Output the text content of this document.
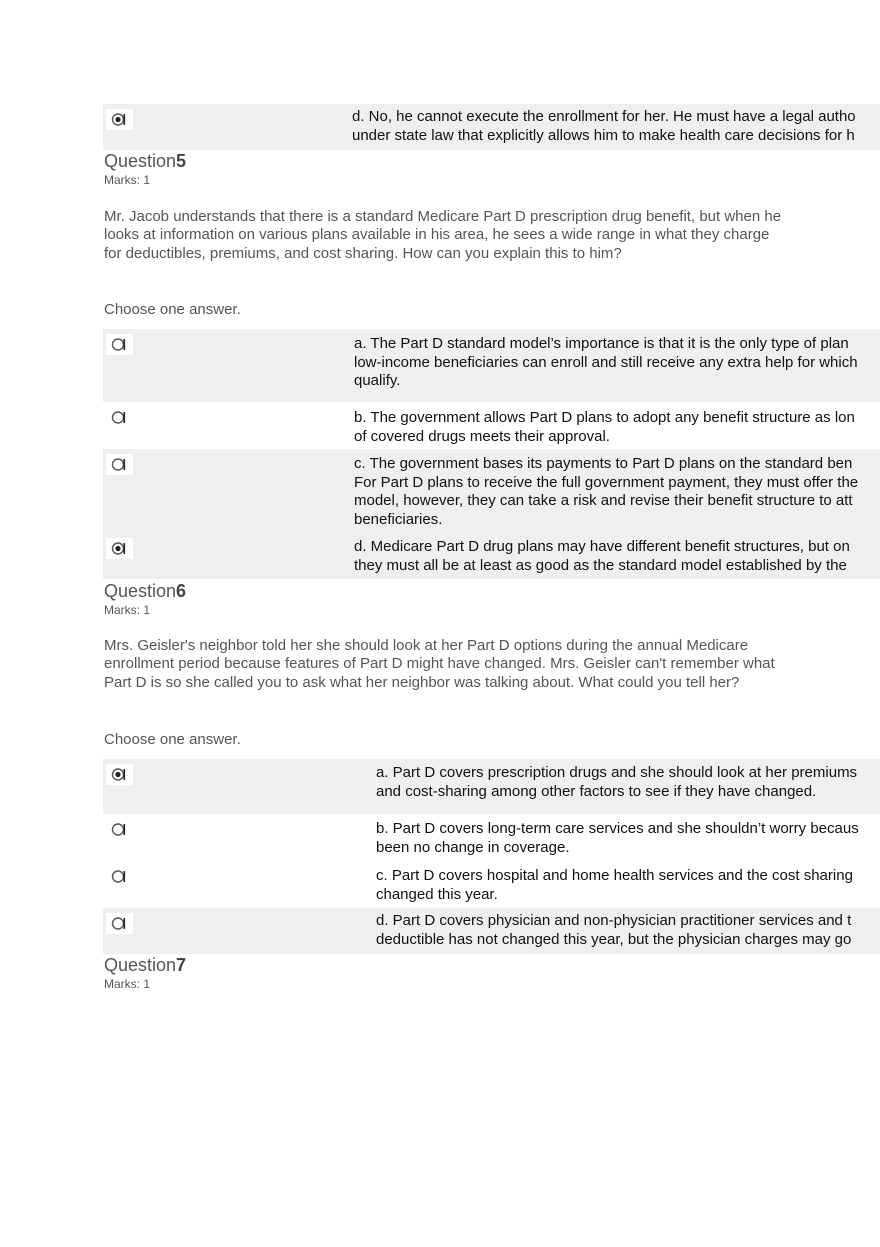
d. No, he cannot execute the enrollment for her. He must have a legal autho
under state law that explicitly allows him to make health care decisions for h
Question5
Marks: 1
Mr. Jacob understands that there is a standard Medicare Part D prescription drug benefit, but when he looks at information on various plans available in his area, he sees a wide range in what they charge for deductibles, premiums, and cost sharing. How can you explain this to him?
Choose one answer.
a. The Part D standard model’s importance is that it is the only type of plan
low-income beneficiaries can enroll and still receive any extra help for which
qualify.
b. The government allows Part D plans to adopt any benefit structure as lon
of covered drugs meets their approval.
c. The government bases its payments to Part D plans on the standard ben
For Part D plans to receive the full government payment, they must offer the
model, however, they can take a risk and revise their benefit structure to att
beneficiaries.
d. Medicare Part D drug plans may have different benefit structures, but on
they must all be at least as good as the standard model established by the
Question6
Marks: 1
Mrs. Geisler's neighbor told her she should look at her Part D options during the annual Medicare enrollment period because features of Part D might have changed. Mrs. Geisler can't remember what Part D is so she called you to ask what her neighbor was talking about. What could you tell her?
Choose one answer.
a. Part D covers prescription drugs and she should look at her premiums
and cost-sharing among other factors to see if they have changed.
b. Part D covers long-term care services and she shouldn’t worry becaus
been no change in coverage.
c. Part D covers hospital and home health services and the cost sharing
changed this year.
d. Part D covers physician and non-physician practitioner services and t
deductible has not changed this year, but the physician charges may go
Question7
Marks: 1
